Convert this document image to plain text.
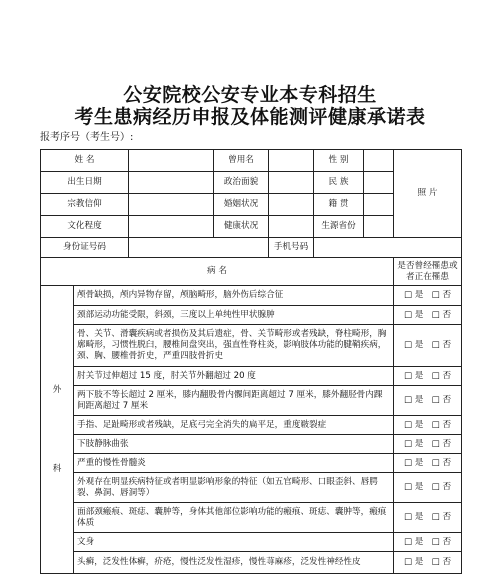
公安院校公安专业本专科招生
考生患病经历申报及体能测评健康承诺表
报考序号（考生号）:
姓 名			曾用名		性 别		照 片
出生日期			政治面貌		民 族		
宗教信仰			婚姻状况		籍 贯		
文化程度			健康状况		生源省份		
身份证号码				手机号码			
病 名							是否曾经罹患或者正在罹患

外
科	颅骨缺损，颅内异物存留，颅脑畸形，脑外伤后综合征						□ 是 □ 否
	颈部运动功能受限，斜颈，三度以上单纯性甲状腺肿						□ 是 □ 否
	骨、关节、滑囊疾病或者损伤及其后遗症，骨、关节畸形或者残缺，脊柱畸形，胸廓畸形，习惯性脱臼，腰椎间盘突出，强直性脊柱炎，影响肢体功能的腱鞘疾病，颈、胸、腰椎骨折史，严重四肢骨折史						□ 是 □ 否
	肘关节过伸超过 15 度，肘关节外翻超过 20 度						□ 是 □ 否
	两下肢不等长超过 2 厘米，膝内翻股骨内髁间距离超过 7 厘米，膝外翻胫骨内踝间距离超过 7 厘米						□ 是 □ 否
	手指、足趾畸形或者残缺，足底弓完全消失的扁平足，重度皲裂症						□ 是 □ 否
	下肢静脉曲张						□ 是 □ 否
	严重的慢性骨髓炎						□ 是 □ 否
	外观存在明显疾病特征或者明显影响形象的特征（如五官畸形、口眼歪斜、唇腭裂、鼻洞、唇洞等）						□ 是 □ 否
	面部颈瘢痕、斑痣、囊肿等，身体其他部位影响功能的瘢痕、斑痣、囊肿等，瘢痕体质						□ 是 □ 否
	文身						□ 是 □ 否
	头癣，泛发性体癣，疥疮，慢性泛发性湿疹，慢性荨麻疹，泛发性神经性皮						□ 是 □ 否
